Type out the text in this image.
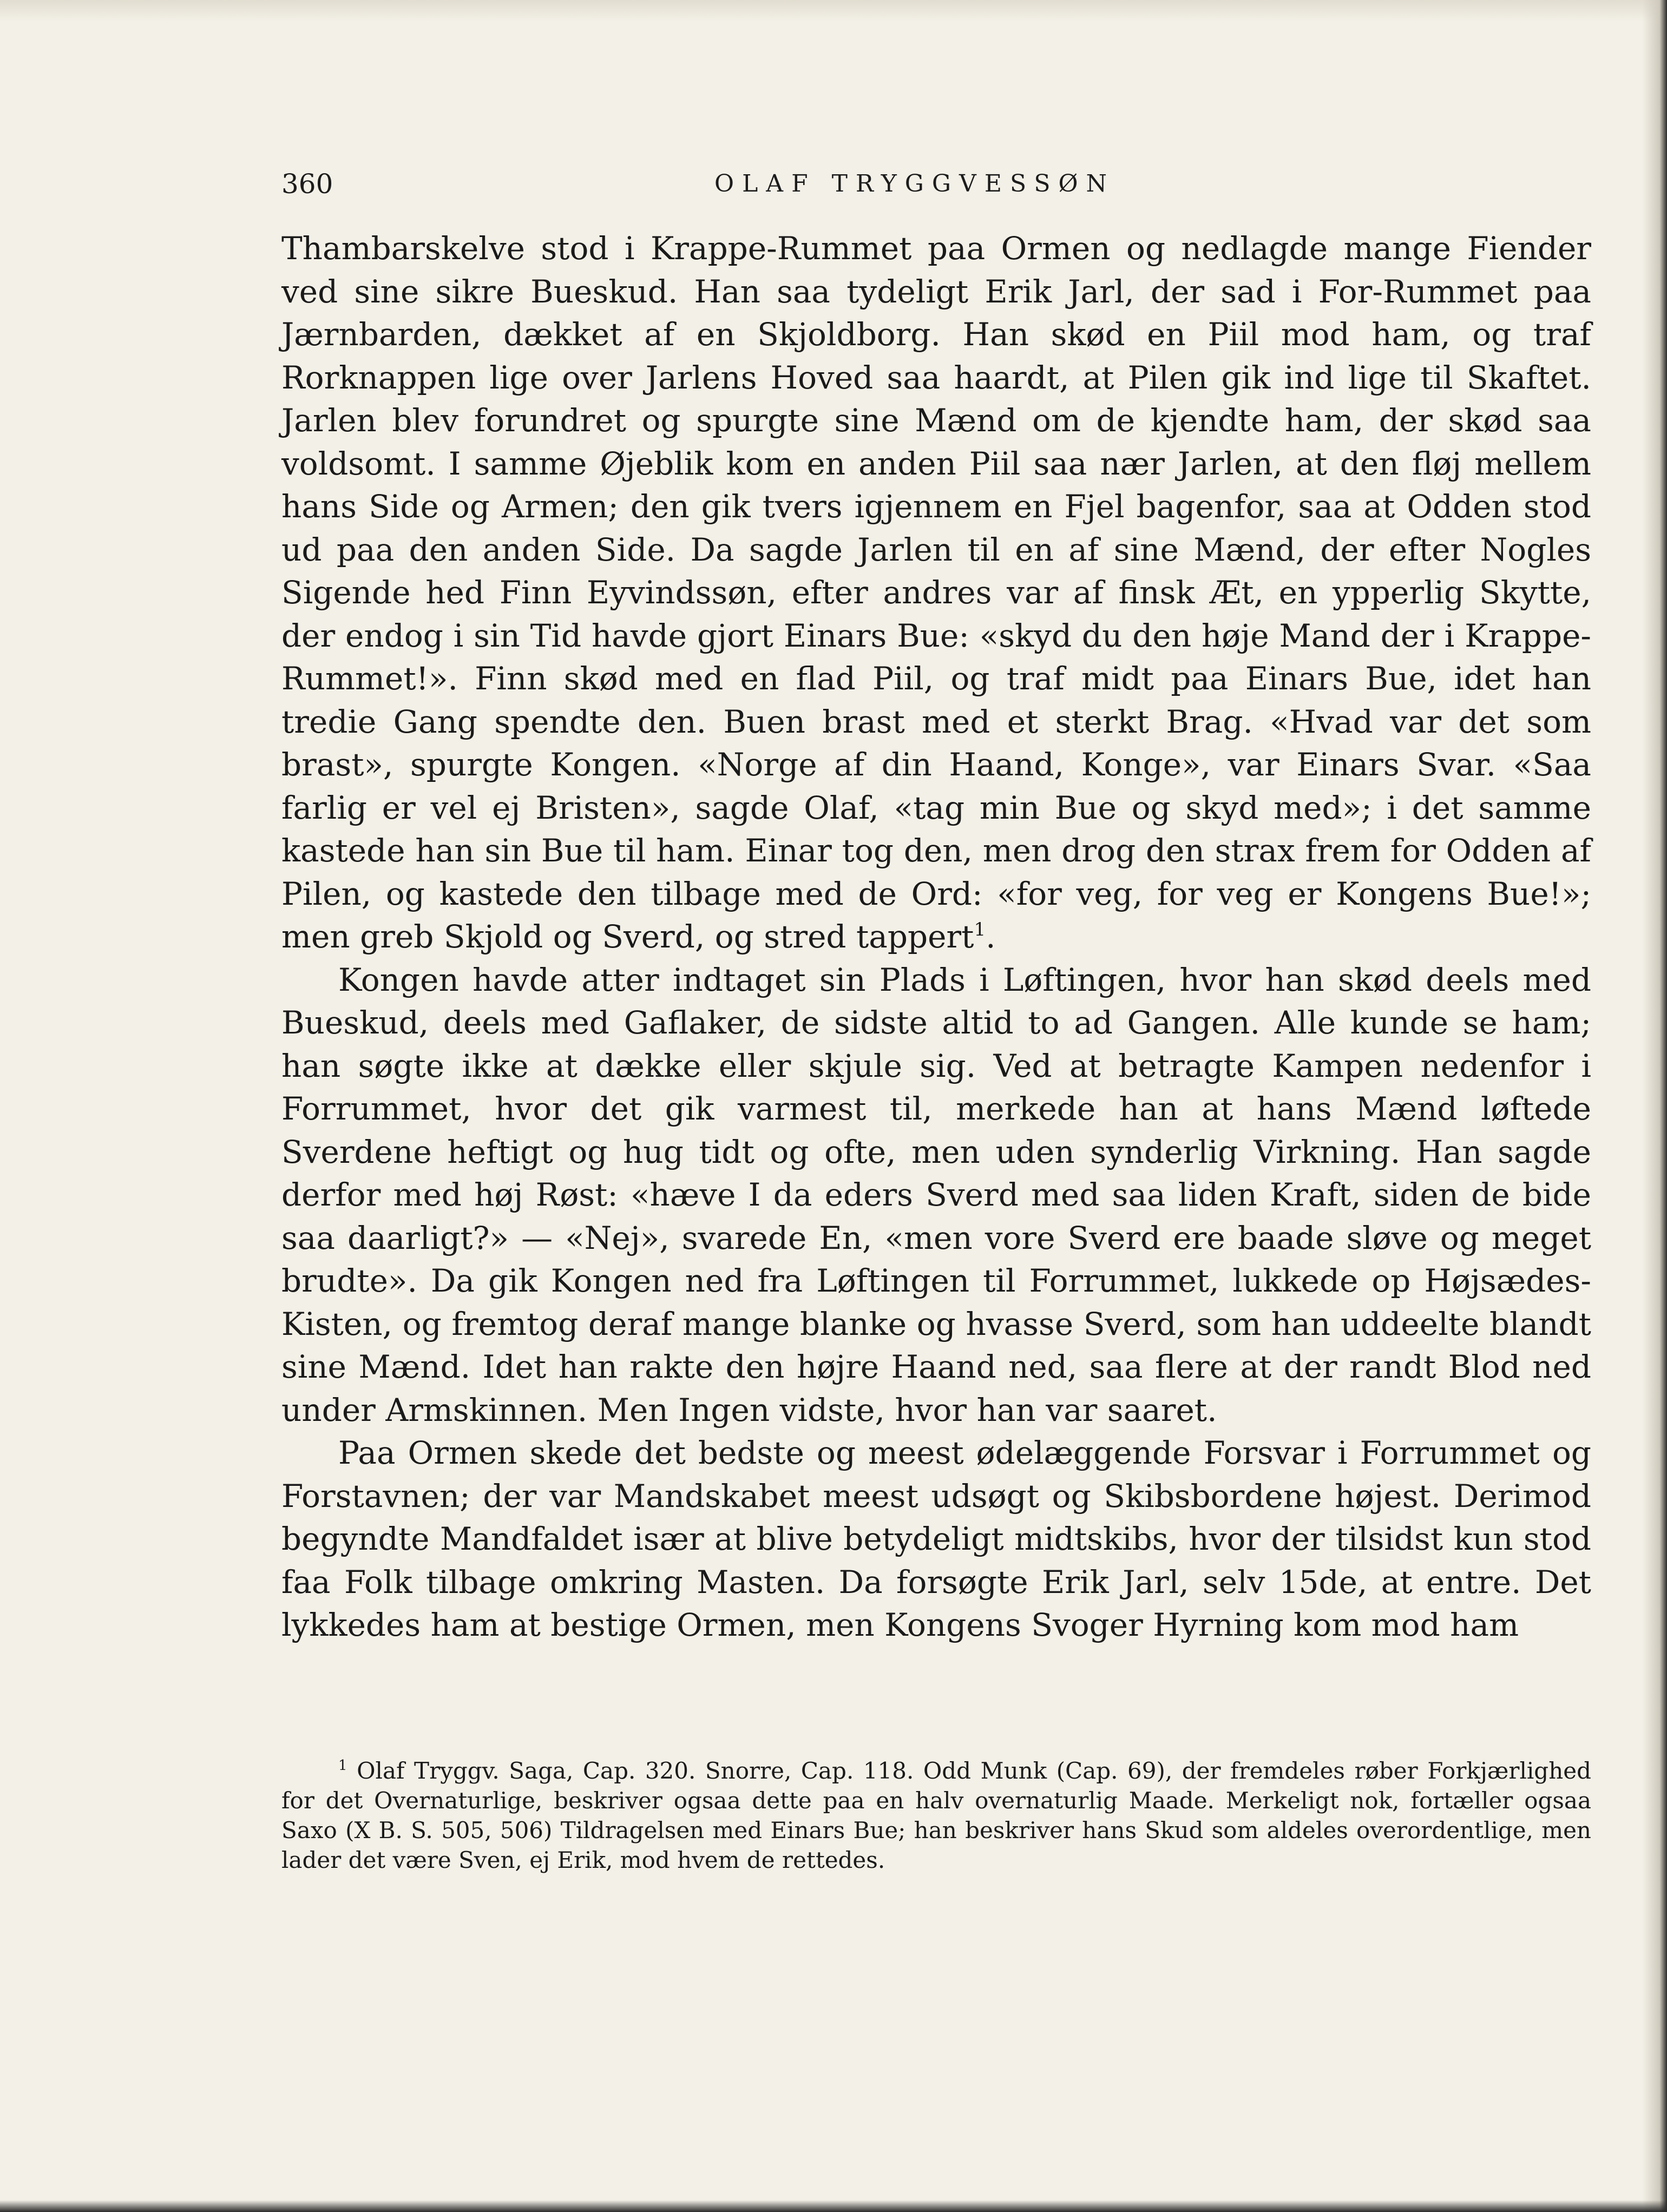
360	OLAF TRYGGVESSØN

Thambarskelve stod i Krappe-Rummet paa Ormen og nedlagde mange Fiender ved sine sikre Bueskud. Han saa tydeligt Erik Jarl, der sad i For-Rummet paa Jærnbarden, dækket af en Skjoldborg. Han skød en Piil mod ham, og traf Rorknappen lige over Jarlens Hoved saa haardt, at Pilen gik ind lige til Skaftet. Jarlen blev forundret og spurgte sine Mænd om de kjendte ham, der skød saa voldsomt. I samme Øjeblik kom en anden Piil saa nær Jarlen, at den fløj mellem hans Side og Armen; den gik tvers igjennem en Fjel bagenfor, saa at Odden stod ud paa den anden Side. Da sagde Jarlen til en af sine Mænd, der efter Nogles Sigende hed Finn Eyvindssøn, efter andres var af finsk Æt, en ypperlig Skytte, der endog i sin Tid havde gjort Einars Bue: «skyd du den høje Mand der i Krappe-Rummet!». Finn skød med en flad Piil, og traf midt paa Einars Bue, idet han tredie Gang spendte den. Buen brast med et sterkt Brag. «Hvad var det som brast», spurgte Kongen. «Norge af din Haand, Konge», var Einars Svar. «Saa farlig er vel ej Bristen», sagde Olaf, «tag min Bue og skyd med»; i det samme kastede han sin Bue til ham. Einar tog den, men drog den strax frem for Odden af Pilen, og kastede den tilbage med de Ord: «for veg, for veg er Kongens Bue!»; men greb Skjold og Sverd, og stred tappert$^1$.

Kongen havde atter indtaget sin Plads i Løftingen, hvor han skød deels med Bueskud, deels med Gaflaker, de sidste altid to ad Gangen. Alle kunde se ham; han søgte ikke at dække eller skjule sig. Ved at betragte Kampen nedenfor i Forrummet, hvor det gik varmest til, merkede han at hans Mænd løftede Sverdene heftigt og hug tidt og ofte, men uden synderlig Virkning. Han sagde derfor med høj Røst: «hæve I da eders Sverd med saa liden Kraft, siden de bide saa daarligt?» — «Nej», svarede En, «men vore Sverd ere baade sløve og meget brudte». Da gik Kongen ned fra Løftingen til Forrummet, lukkede op Højsædes-Kisten, og fremtog deraf mange blanke og hvasse Sverd, som han uddeelte blandt sine Mænd. Idet han rakte den højre Haand ned, saa flere at der randt Blod ned under Armskinnen. Men Ingen vidste, hvor han var saaret.

Paa Ormen skede det bedste og meest ødelæggende Forsvar i Forrummet og Forstavnen; der var Mandskabet meest udsøgt og Skibsbordene højest. Derimod begyndte Mandfaldet især at blive betydeligt midtskibs, hvor der tilsidst kun stod faa Folk tilbage omkring Masten. Da forsøgte Erik Jarl, selv 15de, at entre. Det lykkedes ham at bestige Ormen, men Kongens Svoger Hyrning kom mod ham

$^1$ Olaf Tryggv. Saga, Cap. 320. Snorre, Cap. 118. Odd Munk (Cap. 69), der fremdeles røber Forkjærlighed for det Overnaturlige, beskriver ogsaa dette paa en halv overnaturlig Maade. Merkeligt nok, fortæller ogsaa Saxo (X B. S. 505, 506) Tildragelsen med Einars Bue; han beskriver hans Skud som aldeles overordentlige, men lader det være Sven, ej Erik, mod hvem de rettedes.
